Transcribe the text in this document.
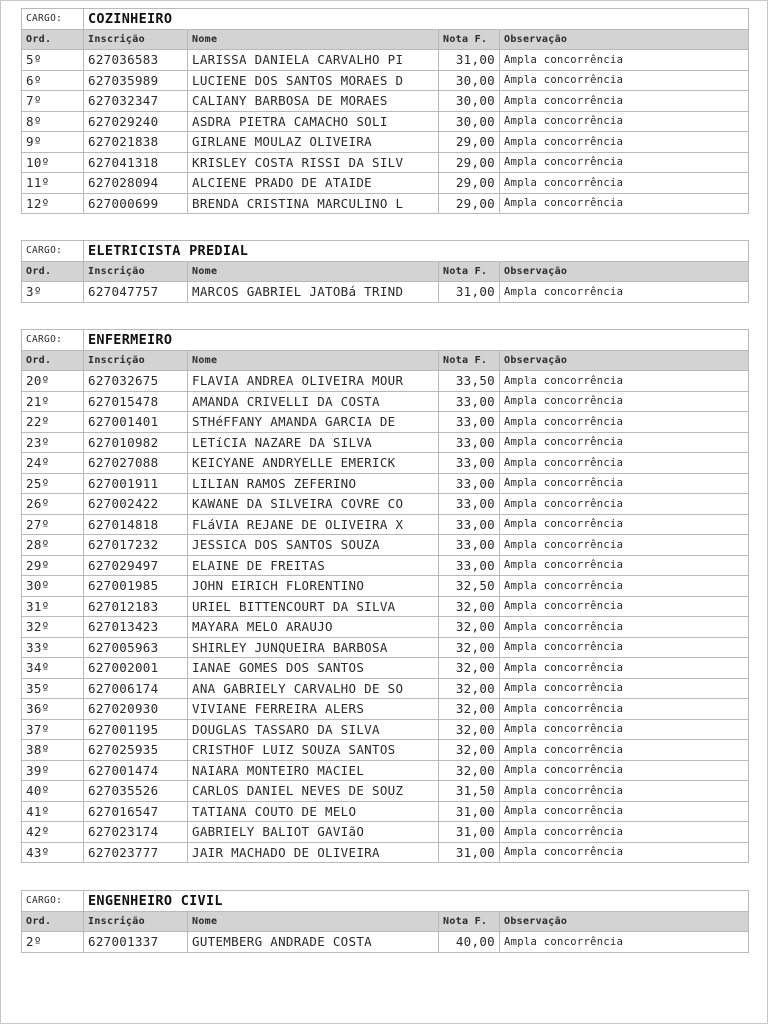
CARGO:	COZINHEIRO			
Ord.	Inscrição	Nome	Nota F.	Observação
5º	627036583	LARISSA DANIELA CARVALHO PI	31,00	Ampla concorrência
6º	627035989	LUCIENE DOS SANTOS MORAES D	30,00	Ampla concorrência
7º	627032347	CALIANY BARBOSA DE MORAES	30,00	Ampla concorrência
8º	627029240	ASDRA PIETRA CAMACHO SOLI	30,00	Ampla concorrência
9º	627021838	GIRLANE MOULAZ OLIVEIRA	29,00	Ampla concorrência
10º	627041318	KRISLEY COSTA RISSI DA SILV	29,00	Ampla concorrência
11º	627028094	ALCIENE PRADO DE ATAIDE	29,00	Ampla concorrência
12º	627000699	BRENDA CRISTINA MARCULINO L	29,00	Ampla concorrência
CARGO:	ELETRICISTA PREDIAL			
Ord.	Inscrição	Nome	Nota F.	Observação
3º	627047757	MARCOS GABRIEL JATOBá TRIND	31,00	Ampla concorrência
CARGO:	ENFERMEIRO			
Ord.	Inscrição	Nome	Nota F.	Observação
20º	627032675	FLAVIA ANDREA OLIVEIRA MOUR	33,50	Ampla concorrência
21º	627015478	AMANDA CRIVELLI DA COSTA	33,00	Ampla concorrência
22º	627001401	STHéFFANY AMANDA GARCIA DE	33,00	Ampla concorrência
23º	627010982	LETíCIA NAZARE DA SILVA	33,00	Ampla concorrência
24º	627027088	KEICYANE ANDRYELLE EMERICK	33,00	Ampla concorrência
25º	627001911	LILIAN RAMOS ZEFERINO	33,00	Ampla concorrência
26º	627002422	KAWANE DA SILVEIRA COVRE CO	33,00	Ampla concorrência
27º	627014818	FLáVIA REJANE DE OLIVEIRA X	33,00	Ampla concorrência
28º	627017232	JESSICA DOS SANTOS SOUZA	33,00	Ampla concorrência
29º	627029497	ELAINE DE FREITAS	33,00	Ampla concorrência
30º	627001985	JOHN EIRICH FLORENTINO	32,50	Ampla concorrência
31º	627012183	URIEL BITTENCOURT DA SILVA	32,00	Ampla concorrência
32º	627013423	MAYARA MELO ARAUJO	32,00	Ampla concorrência
33º	627005963	SHIRLEY JUNQUEIRA BARBOSA	32,00	Ampla concorrência
34º	627002001	IANAE GOMES DOS SANTOS	32,00	Ampla concorrência
35º	627006174	ANA GABRIELY CARVALHO DE SO	32,00	Ampla concorrência
36º	627020930	VIVIANE FERREIRA ALERS	32,00	Ampla concorrência
37º	627001195	DOUGLAS TASSARO DA SILVA	32,00	Ampla concorrência
38º	627025935	CRISTHOF LUIZ SOUZA SANTOS	32,00	Ampla concorrência
39º	627001474	NAIARA MONTEIRO MACIEL	32,00	Ampla concorrência
40º	627035526	CARLOS DANIEL NEVES DE SOUZ	31,50	Ampla concorrência
41º	627016547	TATIANA COUTO DE MELO	31,00	Ampla concorrência
42º	627023174	GABRIELY BALIOT GAVIãO	31,00	Ampla concorrência
43º	627023777	JAIR MACHADO DE OLIVEIRA	31,00	Ampla concorrência
CARGO:	ENGENHEIRO CIVIL			
Ord.	Inscrição	Nome	Nota F.	Observação
2º	627001337	GUTEMBERG ANDRADE COSTA	40,00	Ampla concorrência
